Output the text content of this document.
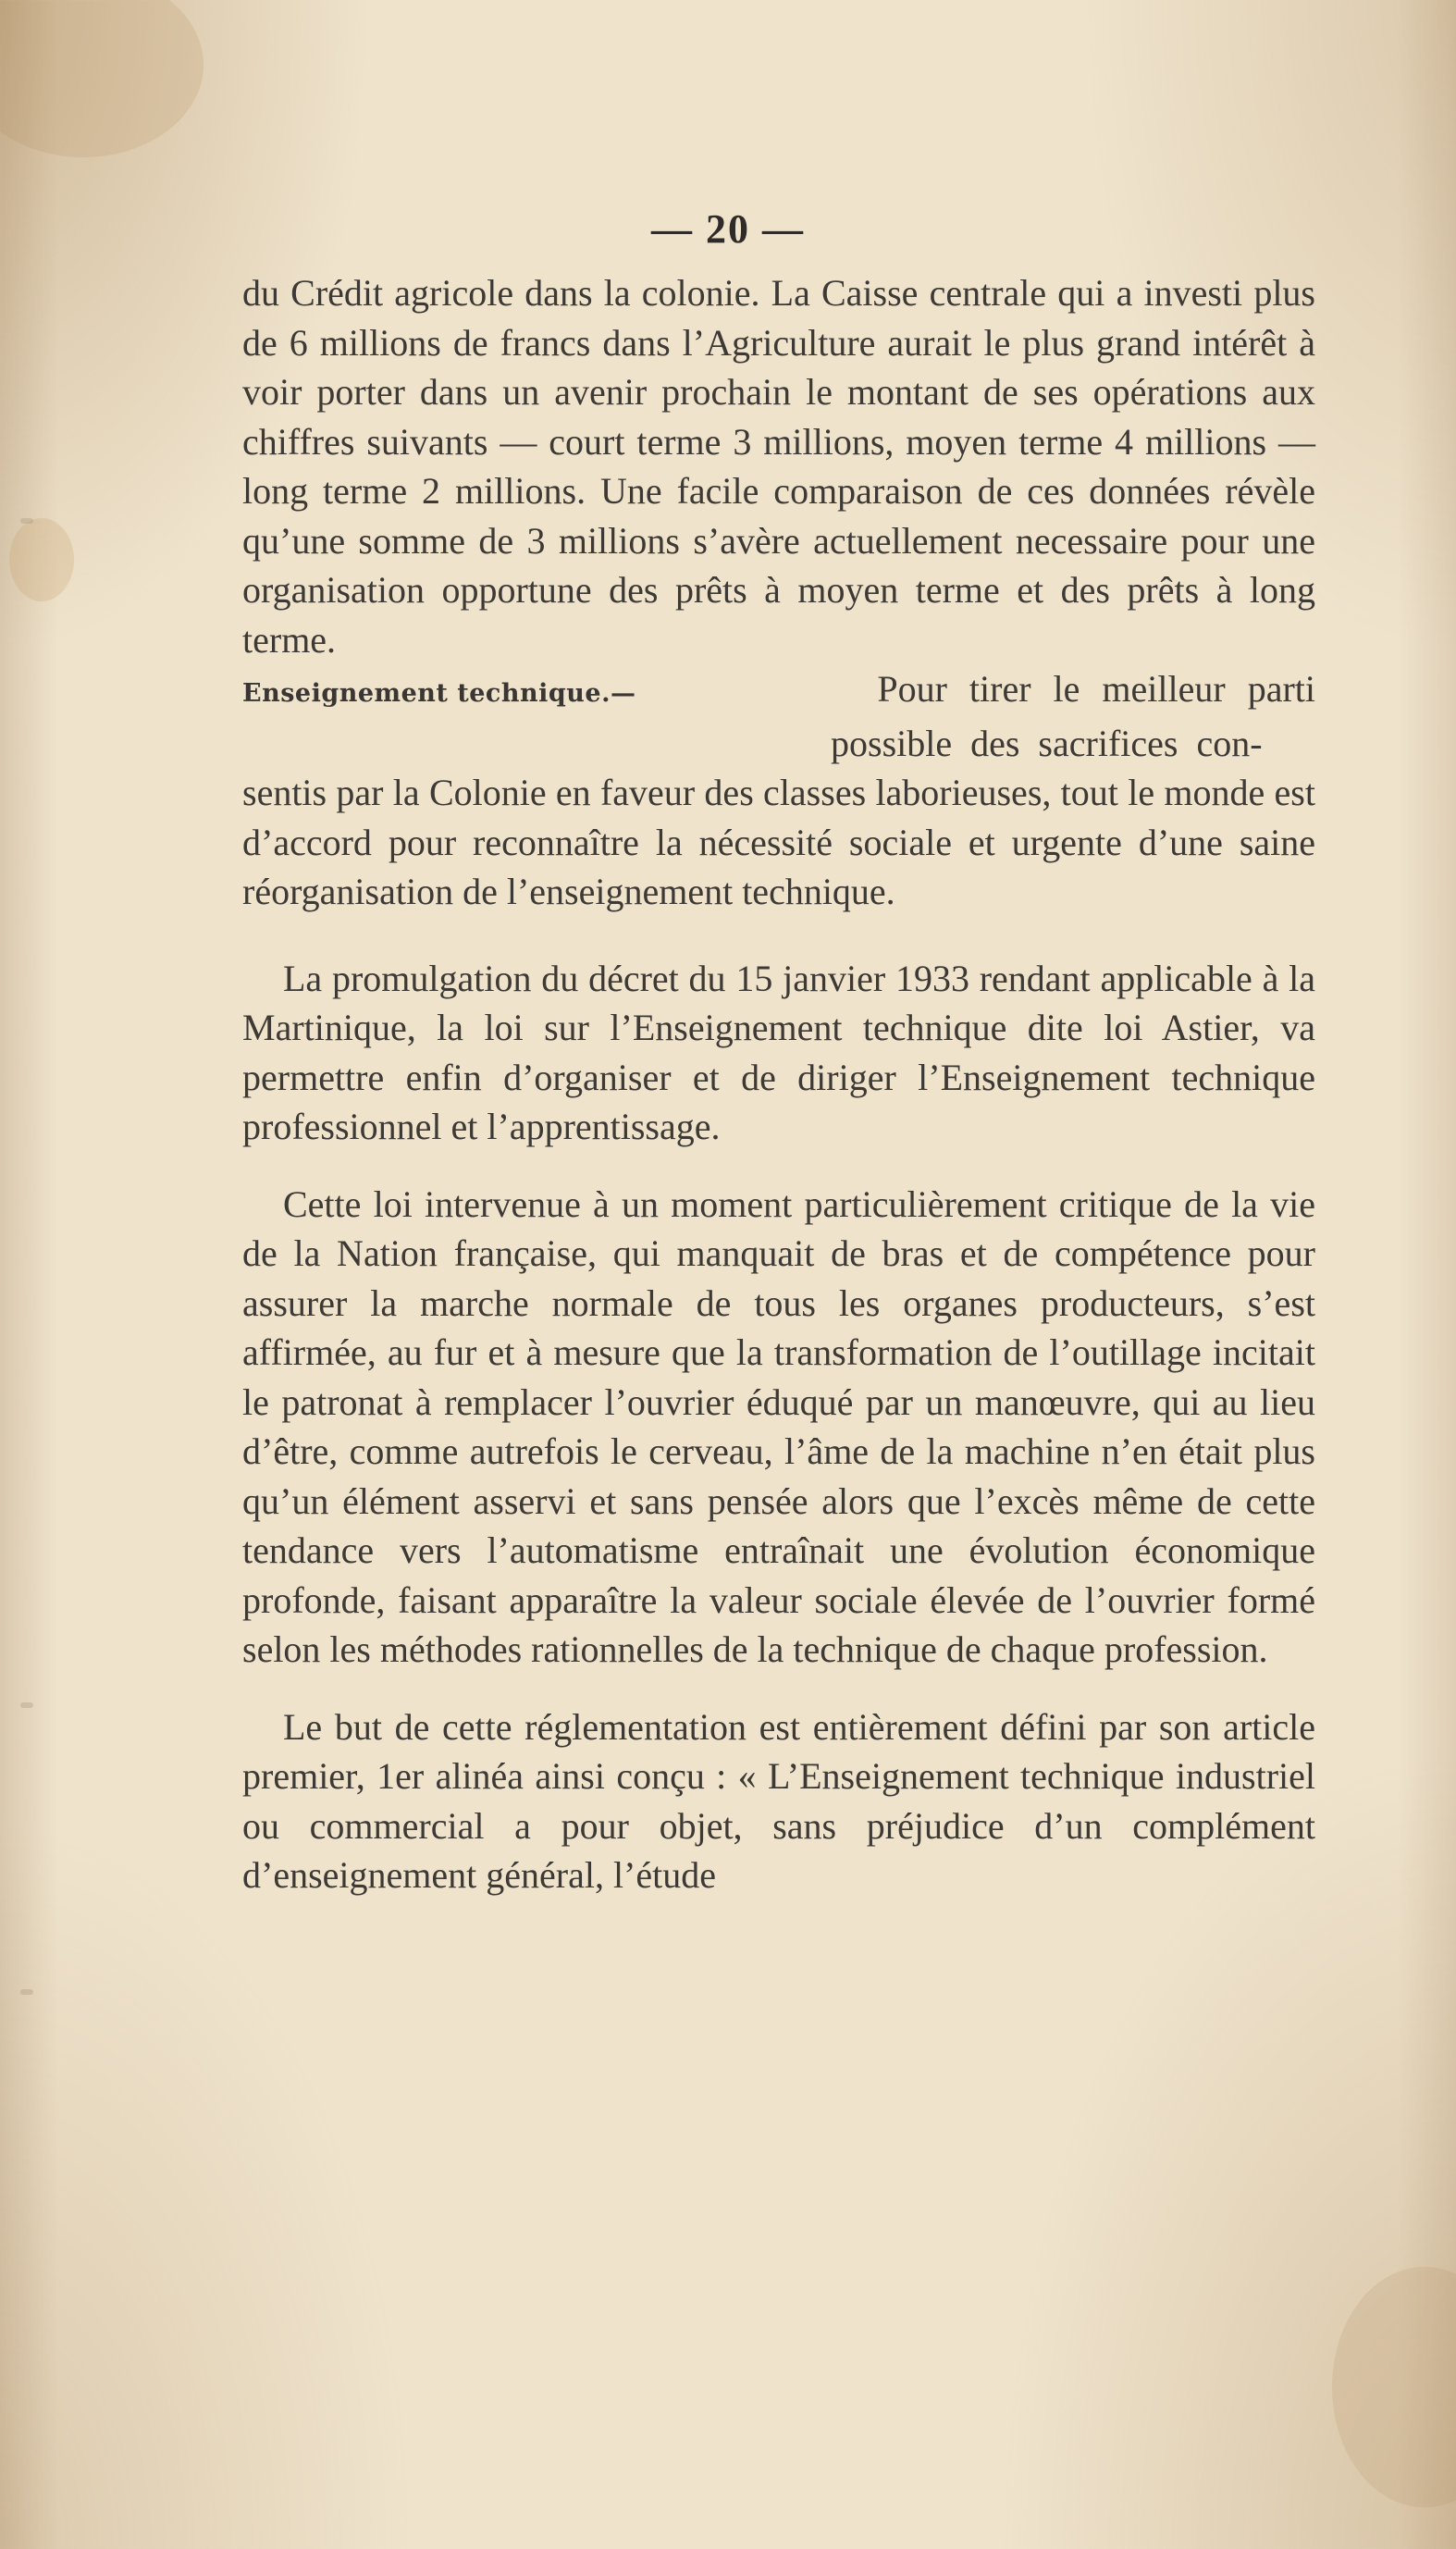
— 20 —

du Crédit agricole dans la colonie. La Caisse centrale qui a investi plus de 6 millions de francs dans l’Agriculture aurait le plus grand intérêt à voir porter dans un avenir prochain le montant de ses opérations aux chiffres suivants — court terme 3 millions, moyen terme 4 millions — long terme 2 millions. Une facile comparaison de ces données révèle qu’une somme de 3 millions s’avère actuellement necessaire pour une organisation opportune des prêts à moyen terme et des prêts à long terme.

Enseignement technique.—	Pour tirer le meilleur parti
possible des sacrifices con-

sentis par la Colonie en faveur des classes laborieuses, tout le monde est d’accord pour reconnaître la nécessité sociale et urgente d’une saine réorganisation de l’enseignement technique.

La promulgation du décret du 15 janvier 1933 rendant applicable à la Martinique, la loi sur l’Enseignement technique dite loi Astier, va permettre enfin d’organiser et de diriger l’Enseignement technique professionnel et l’apprentissage.

Cette loi intervenue à un moment particulièrement critique de la vie de la Nation française, qui manquait de bras et de compétence pour assurer la marche normale de tous les organes producteurs, s’est affirmée, au fur et à mesure que la transformation de l’outillage incitait le patronat à remplacer l’ouvrier éduqué par un manœuvre, qui au lieu d’être, comme autrefois le cerveau, l’âme de la machine n’en était plus qu’un élément asservi et sans pensée alors que l’excès même de cette tendance vers l’automatisme entraînait une évolution économique profonde, faisant apparaître la valeur sociale élevée de l’ouvrier formé selon les méthodes rationnelles de la technique de chaque profession.

Le but de cette réglementation est entièrement défini par son article premier, 1er alinéa ainsi conçu : « L’Enseignement technique industriel ou commercial a pour objet, sans préjudice d’un complément d’enseignement général, l’étude
